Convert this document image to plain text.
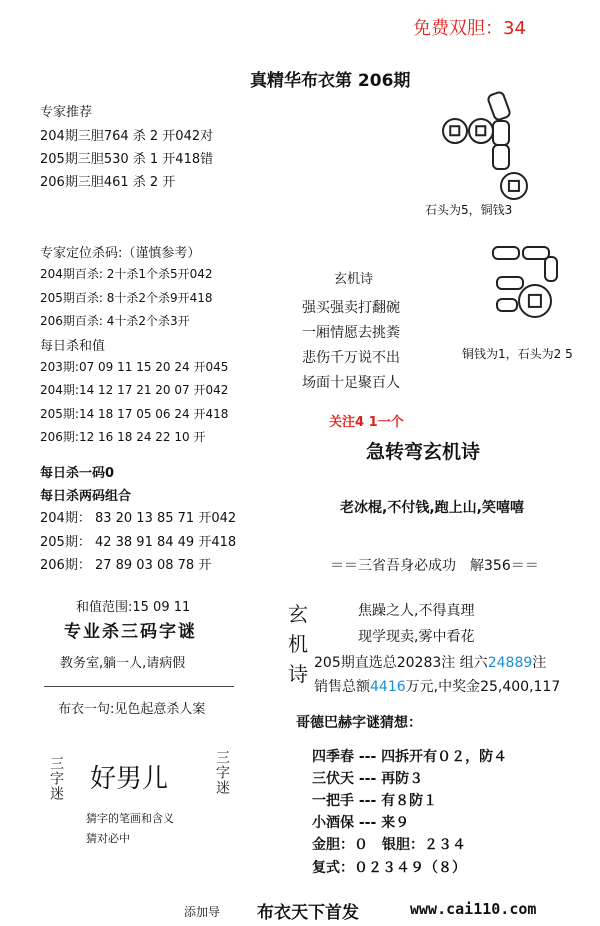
免费双胆：34
真精华布衣第 206期
专家推荐
204期三胆764 杀 2 开042对
205期三胆530 杀 1 开418错
206期三胆461 杀 2 开
专家定位杀码:（谨慎参考）
204期百杀: 2十杀1个杀5开042
205期百杀: 8十杀2个杀9开418
206期百杀: 4十杀2个杀3开
每日杀和值
203期:07 09 11 15 20 24 开045
204期:14 12 17 21 20 07 开042
205期:14 18 17 05 06 24 开418
206期:12 16 18 24 22 10 开
每日杀一码0
每日杀两码组合
204期： 83 20 13 85 71 开042
205期： 42 38 91 84 49 开418
206期： 27 89 03 08 78 开
和值范围:15 09 11
专业杀三码字谜
教务室,躺一人,请病假
布衣一句:见色起意杀人案
三字迷 好男儿	三字迷
猜字的笔画和含义
猜对必中
石头为5，铜钱3
铜钱为1，石头为2 5
玄机诗
强买强卖打翻碗
一厢情愿去挑粪
悲伤千万说不出
场面十足聚百人
关注4 1一个
急转弯玄机诗
老冰棍,不付钱,跑上山,笑嘻嘻
＝＝三省吾身必成功　解356＝＝
玄
机
诗
焦躁之人,不得真理
现学现卖,雾中看花
205期直选总20283注 组六24889注
销售总额4416万元,中奖金25,400,117
哥德巴赫字谜猜想：
四季春 --- 四拆开有０２，防４
三伏天 --- 再防３
一把手 --- 有８防１
小酒保 --- 来９
金胆：０　银胆：２３４
复式：０２３４９（８）
添加导 布衣天下首发	www.cai110.com
